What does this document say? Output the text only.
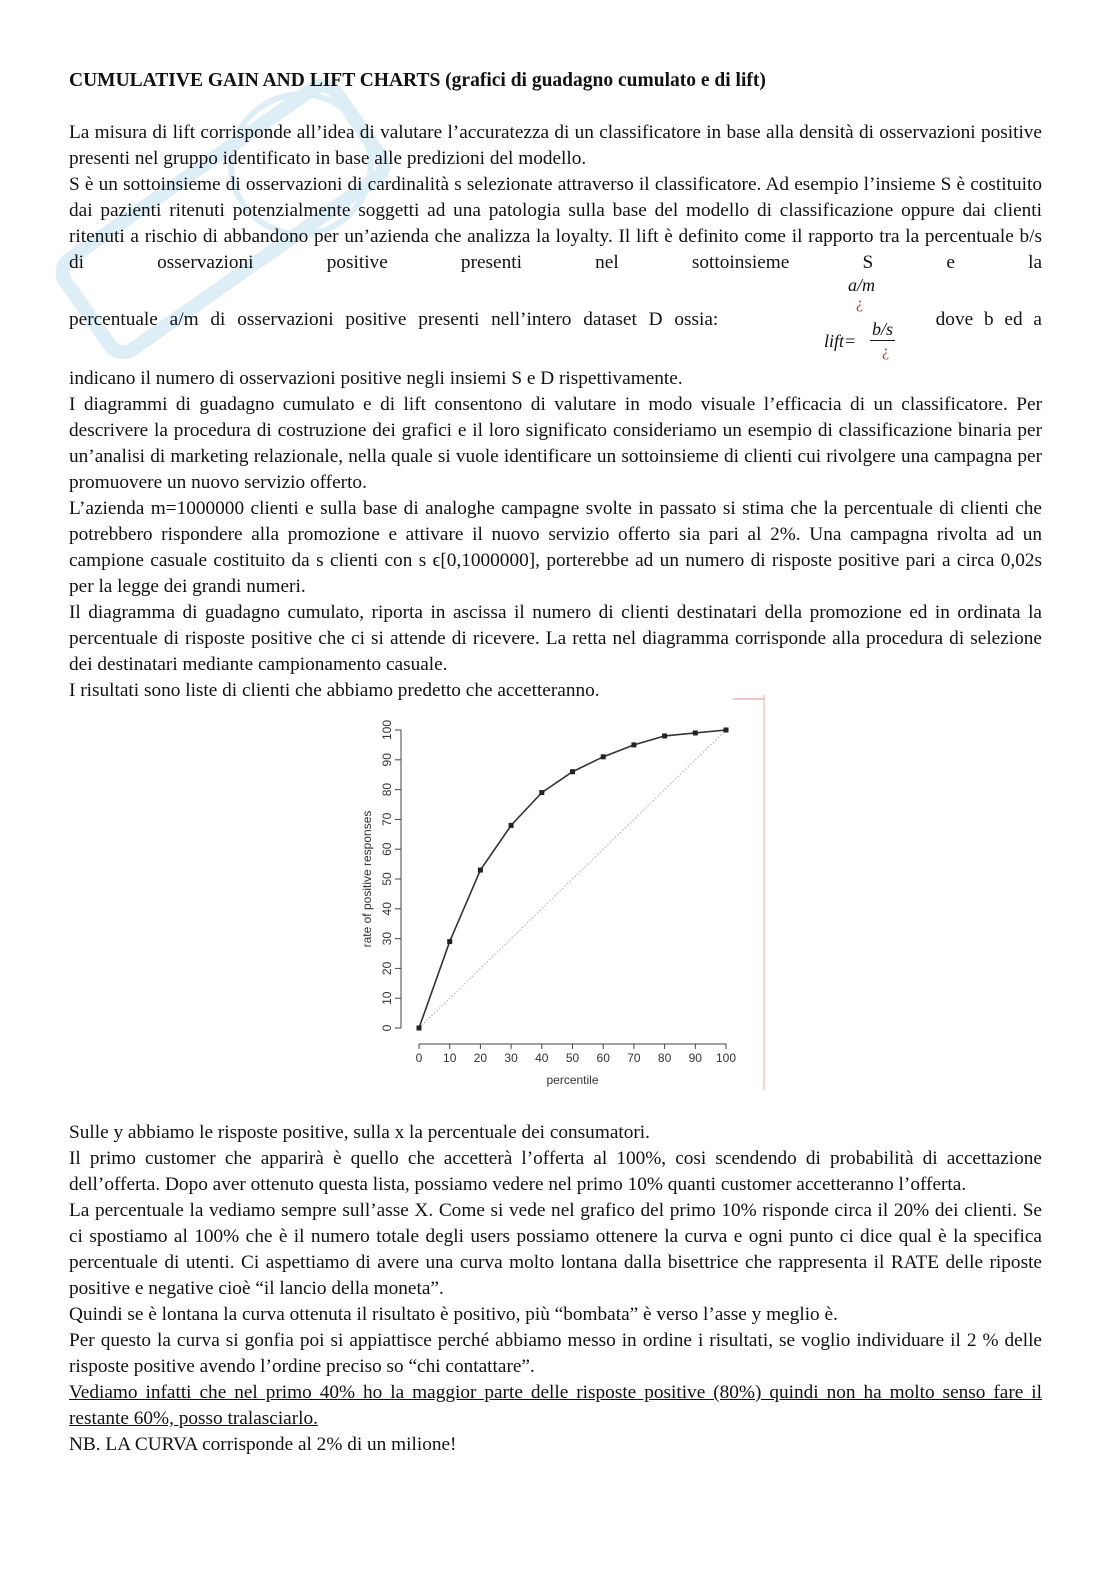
CUMULATIVE GAIN AND LIFT CHARTS (grafici di guadagno cumulato e di lift)

La misura di lift corrisponde all’idea di valutare l’accuratezza di un classificatore in base alla densità di osservazioni positive presenti nel gruppo identificato in base alle predizioni del modello.

S è un sottoinsieme di osservazioni di cardinalità s selezionate attraverso il classificatore. Ad esempio l’insieme S è costituito dai pazienti ritenuti potenzialmente soggetti ad una patologia sulla base del modello di classificazione oppure dai clienti ritenuti a rischio di abbandono per un’azienda che analizza la loyalty. Il lift è definito come il rapporto tra la percentuale b/s di osservazioni positive presenti nel sottoinsieme S e la

percentuale a/m di osservazioni positive presenti nell’intero dataset D ossia:
a/m
¿
lift=
b/s
¿
dove b ed a

indicano il numero di osservazioni positive negli insiemi S e D rispettivamente.

I diagrammi di guadagno cumulato e di lift consentono di valutare in modo visuale l’efficacia di un classificatore. Per descrivere la procedura di costruzione dei grafici e il loro significato consideriamo un esempio di classificazione binaria per un’analisi di marketing relazionale, nella quale si vuole identificare un sottoinsieme di clienti cui rivolgere una campagna per promuovere un nuovo servizio offerto.

L’azienda m=1000000 clienti e sulla base di analoghe campagne svolte in passato si stima che la percentuale di clienti che potrebbero rispondere alla promozione e attivare il nuovo servizio offerto sia pari al 2%. Una campagna rivolta ad un campione casuale costituito da s clienti con s ϵ[0,1000000], porterebbe ad un numero di risposte positive pari a circa 0,02s per la legge dei grandi numeri.

Il diagramma di guadagno cumulato, riporta in ascissa il numero di clienti destinatari della promozione ed in ordinata la percentuale di risposte positive che ci si attende di ricevere. La retta nel diagramma corrisponde alla procedura di selezione dei destinatari mediante campionamento casuale.

I risultati sono liste di clienti che abbiamo predetto che accetteranno.

0
10
20
30
40
50
60
70
80
90
100
0 10 20 30 40 50 60 70 80 90 100
percentile
rate of positive responses

Sulle y abbiamo le risposte positive, sulla x la percentuale dei consumatori.

Il primo customer che apparirà è quello che accetterà l’offerta al 100%, cosi scendendo di probabilità di accettazione dell’offerta. Dopo aver ottenuto questa lista, possiamo vedere nel primo 10% quanti customer accetteranno l’offerta.

La percentuale la vediamo sempre sull’asse X. Come si vede nel grafico del primo 10% risponde circa il 20% dei clienti. Se ci spostiamo al 100% che è il numero totale degli users possiamo ottenere la curva e ogni punto ci dice qual è la specifica percentuale di utenti. Ci aspettiamo di avere una curva molto lontana dalla bisettrice che rappresenta il RATE delle riposte positive e negative cioè “il lancio della moneta”.

Quindi se è lontana la curva ottenuta il risultato è positivo, più “bombata” è verso l’asse y meglio è.

Per questo la curva si gonfia poi si appiattisce perché abbiamo messo in ordine i risultati, se voglio individuare il 2 % delle risposte positive avendo l’ordine preciso so “chi contattare”.

Vediamo infatti che nel primo 40% ho la maggior parte delle risposte positive (80%) quindi non ha molto senso fare il restante 60%, posso tralasciarlo.

NB. LA CURVA corrisponde al 2% di un milione!
